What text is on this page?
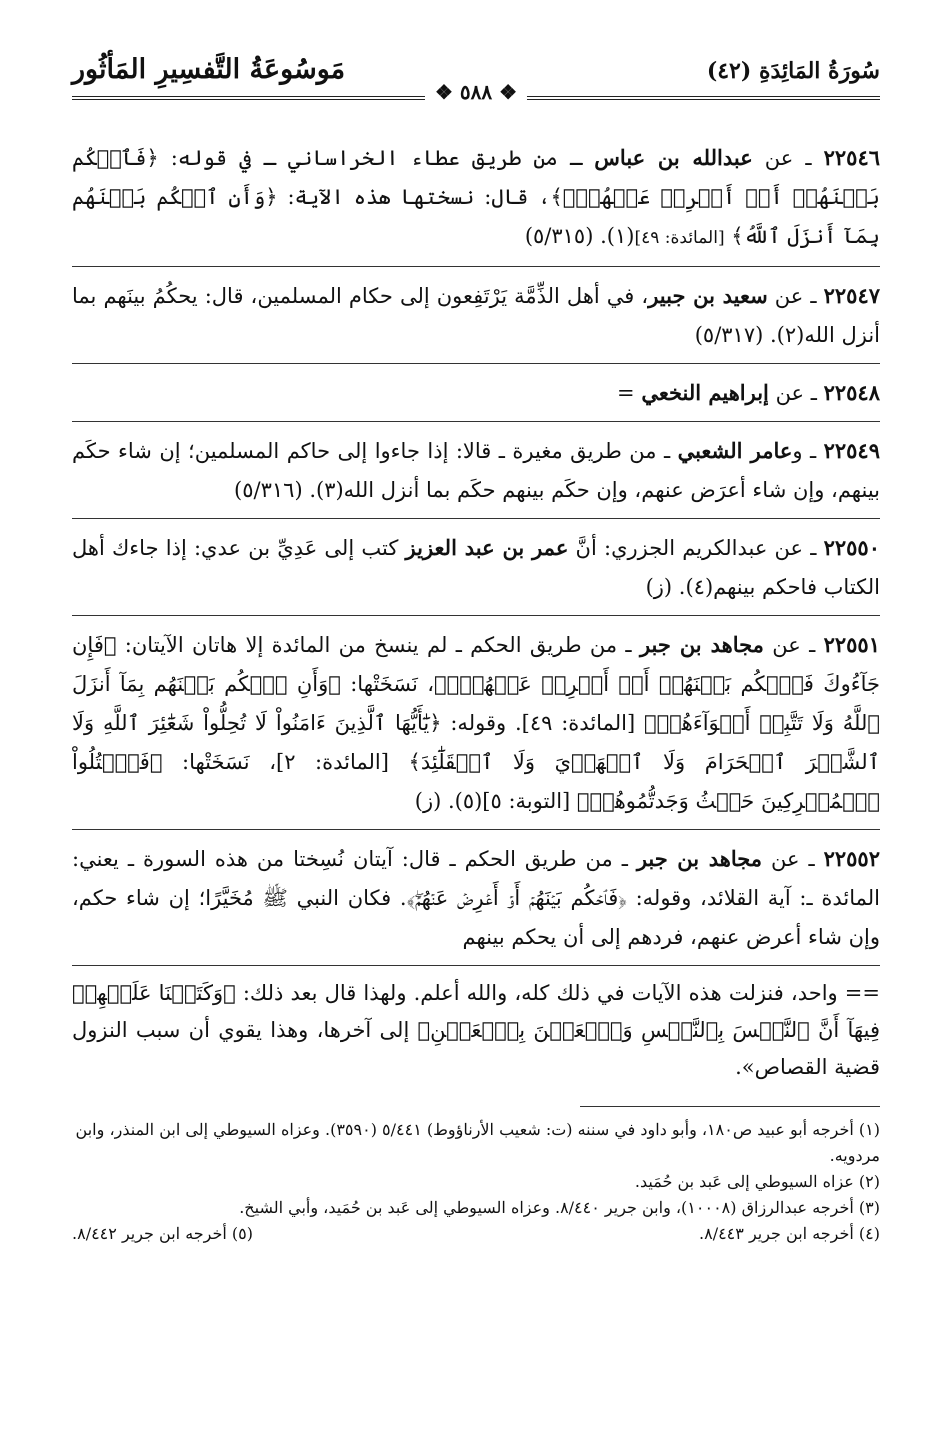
سُورَةُ المَائِدَةِ (٤٢)
مَوسُوعَةُ التَّفسِيرِ المَأثُور
❖ ٥٨٨ ❖

٢٢٥٤٦ ـ عن عبدالله بن عباس ـ من طريق عطاء الخراساني ـ في قوله: ﴿فَٱحۡكُم بَيۡنَهُمۡ أَوۡ أَعۡرِضۡ عَنۡهُمۡۖ﴾، قال: نسختها هذه الآية: ﴿وَأَنِ ٱحۡكُم بَيۡنَهُم بِمَآ أَنزَلَ ٱللَّهُ﴾ [المائدة: ٤٩](١). (٥/٣١٥)

٢٢٥٤٧ ـ عن سعيد بن جبير، في أهل الذِّمَّة يَرْتَفِعون إلى حكام المسلمين، قال: يحكُمُ بينَهم بما أنزل الله(٢). (٥/٣١٧)

٢٢٥٤٨ ـ عن إبراهيم النخعي =

٢٢٥٤٩ ـ وعامر الشعبي ـ من طريق مغيرة ـ قالا: إذا جاءوا إلى حاكم المسلمين؛ إن شاء حكَم بينهم، وإن شاء أعرَض عنهم، وإن حكَم بينهم حكَم بما أنزل الله(٣). (٥/٣١٦)

٢٢٥٥٠ ـ عن عبدالكريم الجزري: أنَّ عمر بن عبد العزيز كتب إلى عَدِيِّ بن عدي: إذا جاءك أهل الكتاب فاحكم بينهم(٤). (ز)

٢٢٥٥١ ـ عن مجاهد بن جبر ـ من طريق الحكم ـ لم ينسخ من المائدة إلا هاتان الآيتان: ﴿فَإِن جَآءُوكَ فَٱحۡكُم بَيۡنَهُمۡ أَوۡ أَعۡرِضۡ عَنۡهُمۡۖ﴾، نَسَخَتْها: ﴿وَأَنِ ٱحۡكُم بَيۡنَهُم بِمَآ أَنزَلَ ٱللَّهُ وَلَا تَتَّبِعۡ أَهۡوَآءَهُمۡ﴾ [المائدة: ٤٩]. وقوله: ﴿يَٰٓأَيُّهَا ٱلَّذِينَ ءَامَنُواْ لَا تُحِلُّواْ شَعَٰٓئِرَ ٱللَّهِ وَلَا ٱلشَّهۡرَ ٱلۡحَرَامَ وَلَا ٱلۡهَدۡيَ وَلَا ٱلۡقَلَٰٓئِدَ﴾ [المائدة: ٢]، نَسَخَتْها: ﴿فَٱقۡتُلُواْ ٱلۡمُشۡرِكِينَ حَيۡثُ وَجَدتُّمُوهُمۡ﴾ [التوبة: ٥](٥). (ز)

٢٢٥٥٢ ـ عن مجاهد بن جبر ـ من طريق الحكم ـ قال: آيتان نُسِختا من هذه السورة ـ يعني: المائدة ـ: آية القلائد، وقوله: ﴿فَٱحۡكُم بَيۡنَهُمۡ أَوۡ أَعۡرِضۡ عَنۡهُمۡۖ﴾. فكان النبي ﷺ مُخَيَّرًا؛ إن شاء حكم، وإن شاء أعرض عنهم، فردهم إلى أن يحكم بينهم

== واحد، فنزلت هذه الآيات في ذلك كله، والله أعلم. ولهذا قال بعد ذلك: ﴿وَكَتَبۡنَا عَلَيۡهِمۡ فِيهَآ أَنَّ ٱلنَّفۡسَ بِٱلنَّفۡسِ وَٱلۡعَيۡنَ بِٱلۡعَيۡنِ﴾ إلى آخرها، وهذا يقوي أن سبب النزول قضية القصاص».

(١) أخرجه أبو عبيد ص١٨٠، وأبو داود في سننه (ت: شعيب الأرناؤوط) ٥/٤٤١ (٣٥٩٠). وعزاه السيوطي إلى ابن المنذر، وابن مردويه.

(٢) عزاه السيوطي إلى عَبد بن حُمَيد.

(٣) أخرجه عبدالرزاق (١٠٠٠٨)، وابن جرير ٨/٤٤٠. وعزاه السيوطي إلى عَبد بن حُمَيد، وأبي الشيخ.

(٤) أخرجه ابن جرير ٨/٤٤٣.
(٥) أخرجه ابن جرير ٨/٤٤٢.
